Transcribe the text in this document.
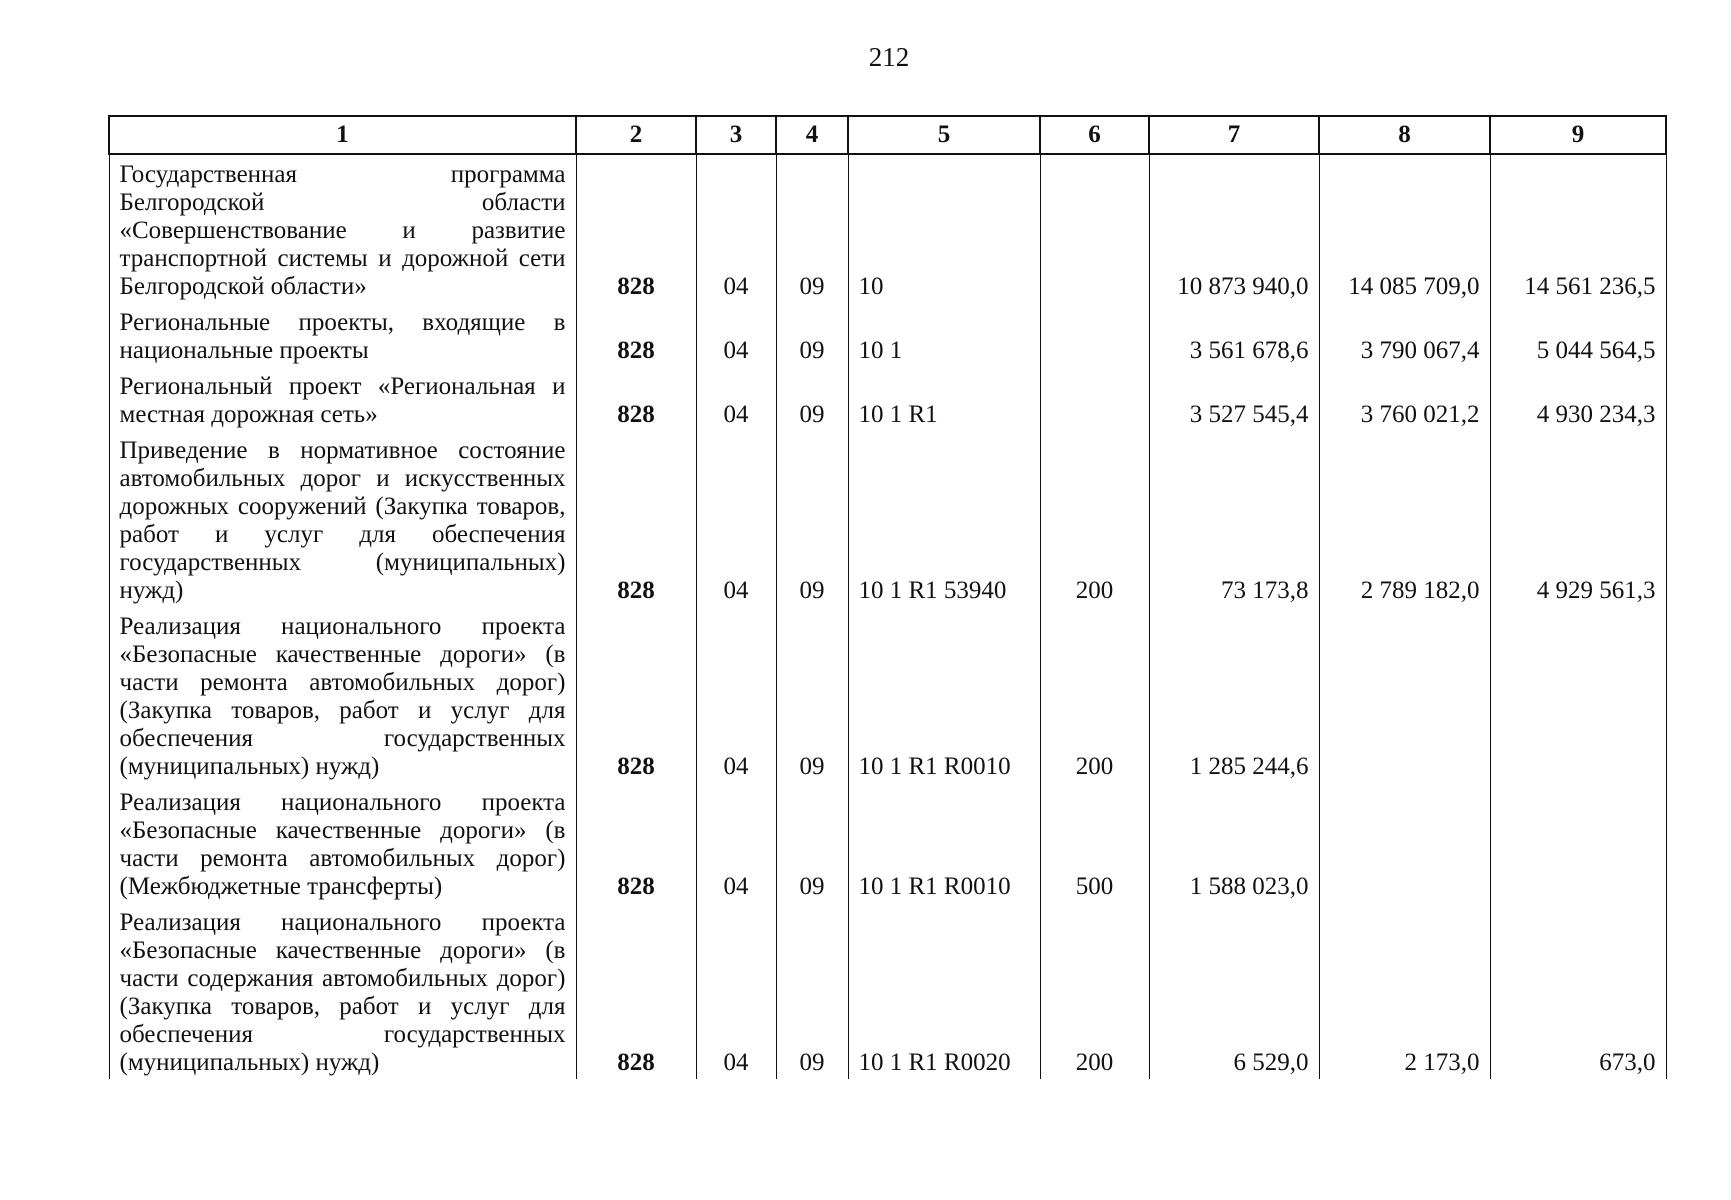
212
1	2	3	4	5	6	7	8	9
Государственная программа Белгородской области «Совершенствование и развитие транспортной системы и дорожной сети Белгородской области»	828	04	09	10		10 873 940,0	14 085 709,0	14 561 236,5
Региональные проекты, входящие в национальные проекты	828	04	09	10 1		3 561 678,6	3 790 067,4	5 044 564,5
Региональный проект «Региональная и местная дорожная сеть»	828	04	09	10 1 R1		3 527 545,4	3 760 021,2	4 930 234,3
Приведение в нормативное состояние автомобильных дорог и искусственных дорожных сооружений (Закупка товаров, работ и услуг для обеспечения государственных (муниципальных) нужд)	828	04	09	10 1 R1 53940	200	73 173,8	2 789 182,0	4 929 561,3
Реализация национального проекта «Безопасные качественные дороги» (в части ремонта автомобильных дорог) (Закупка товаров, работ и услуг для обеспечения государственных (муниципальных) нужд)	828	04	09	10 1 R1 R0010	200	1 285 244,6		
Реализация национального проекта «Безопасные качественные дороги» (в части ремонта автомобильных дорог) (Межбюджетные трансферты)	828	04	09	10 1 R1 R0010	500	1 588 023,0		
Реализация национального проекта «Безопасные качественные дороги» (в части содержания автомобильных дорог) (Закупка товаров, работ и услуг для обеспечения государственных (муниципальных) нужд)	828	04	09	10 1 R1 R0020	200	6 529,0	2 173,0	673,0
